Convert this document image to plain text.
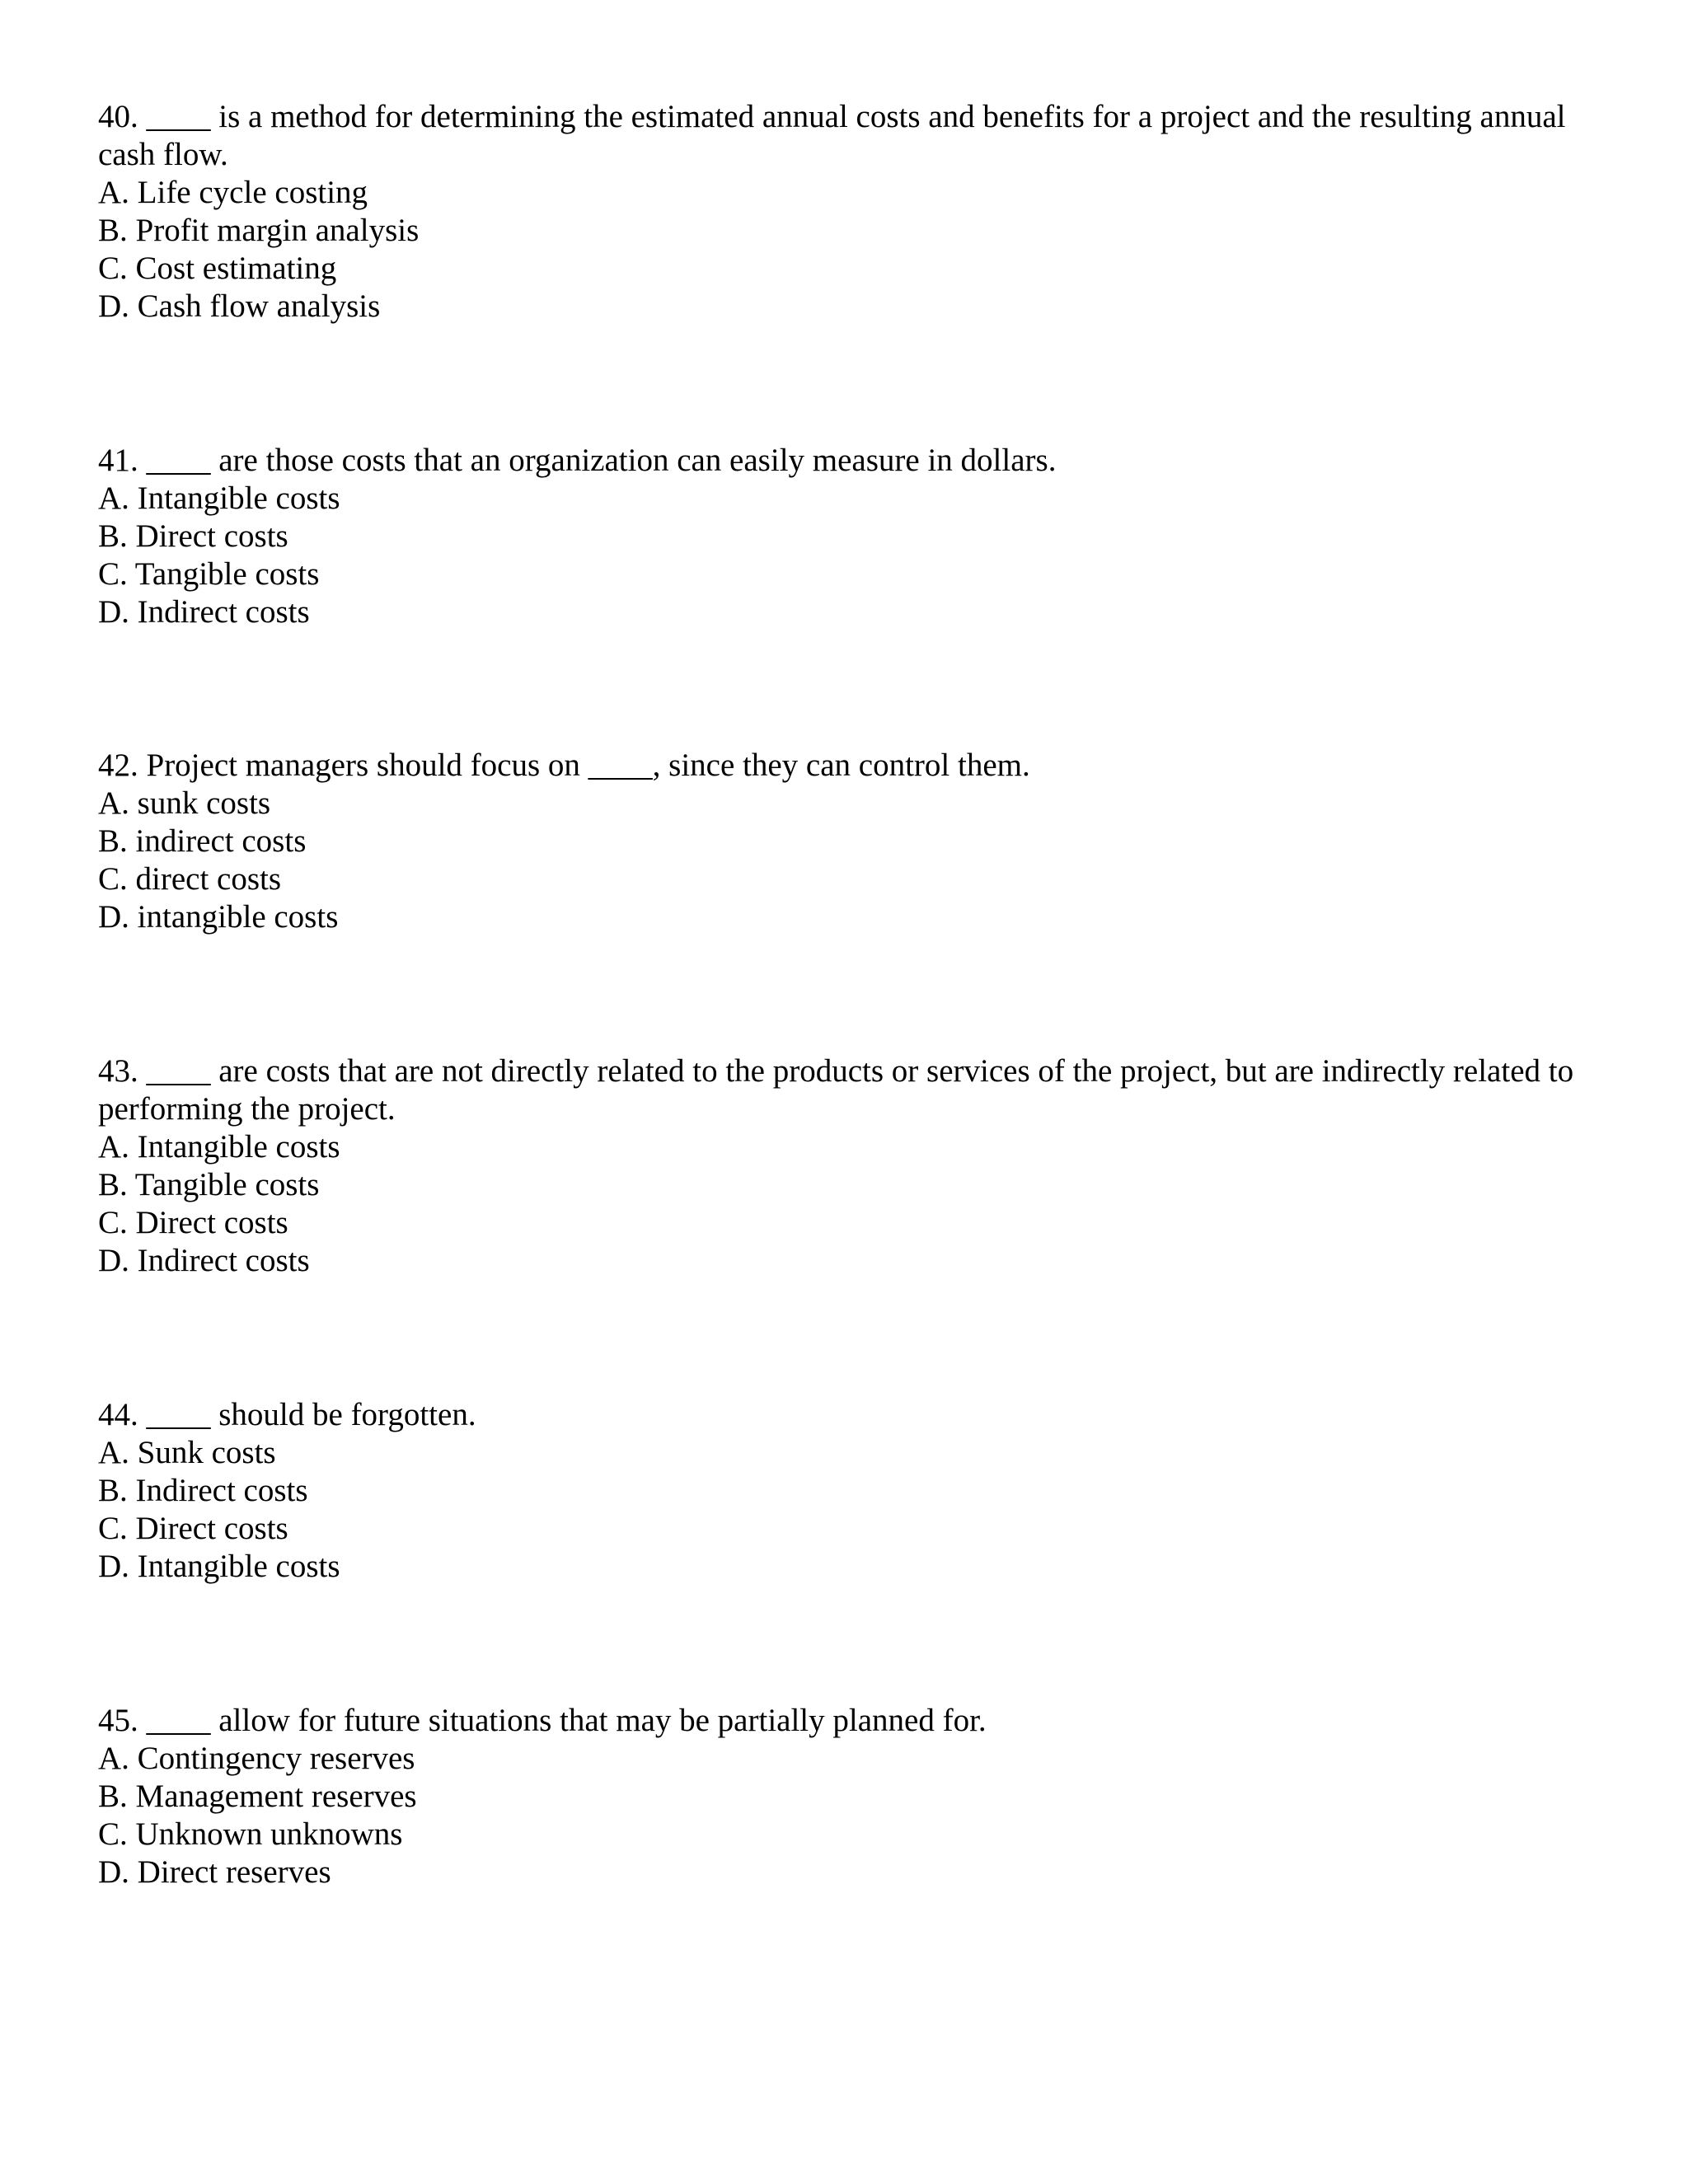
40. ____ is a method for determining the estimated annual costs and benefits for a project and the resulting annual cash flow.

A. Life cycle costing

B. Profit margin analysis

C. Cost estimating

D. Cash flow analysis

41. ____ are those costs that an organization can easily measure in dollars.

A. Intangible costs

B. Direct costs

C. Tangible costs

D. Indirect costs

42. Project managers should focus on ____, since they can control them.

A. sunk costs

B. indirect costs

C. direct costs

D. intangible costs

43. ____ are costs that are not directly related to the products or services of the project, but are indirectly related to performing the project.

A. Intangible costs

B. Tangible costs

C. Direct costs

D. Indirect costs

44. ____ should be forgotten.

A. Sunk costs

B. Indirect costs

C. Direct costs

D. Intangible costs

45. ____ allow for future situations that may be partially planned for.

A. Contingency reserves

B. Management reserves

C. Unknown unknowns

D. Direct reserves
